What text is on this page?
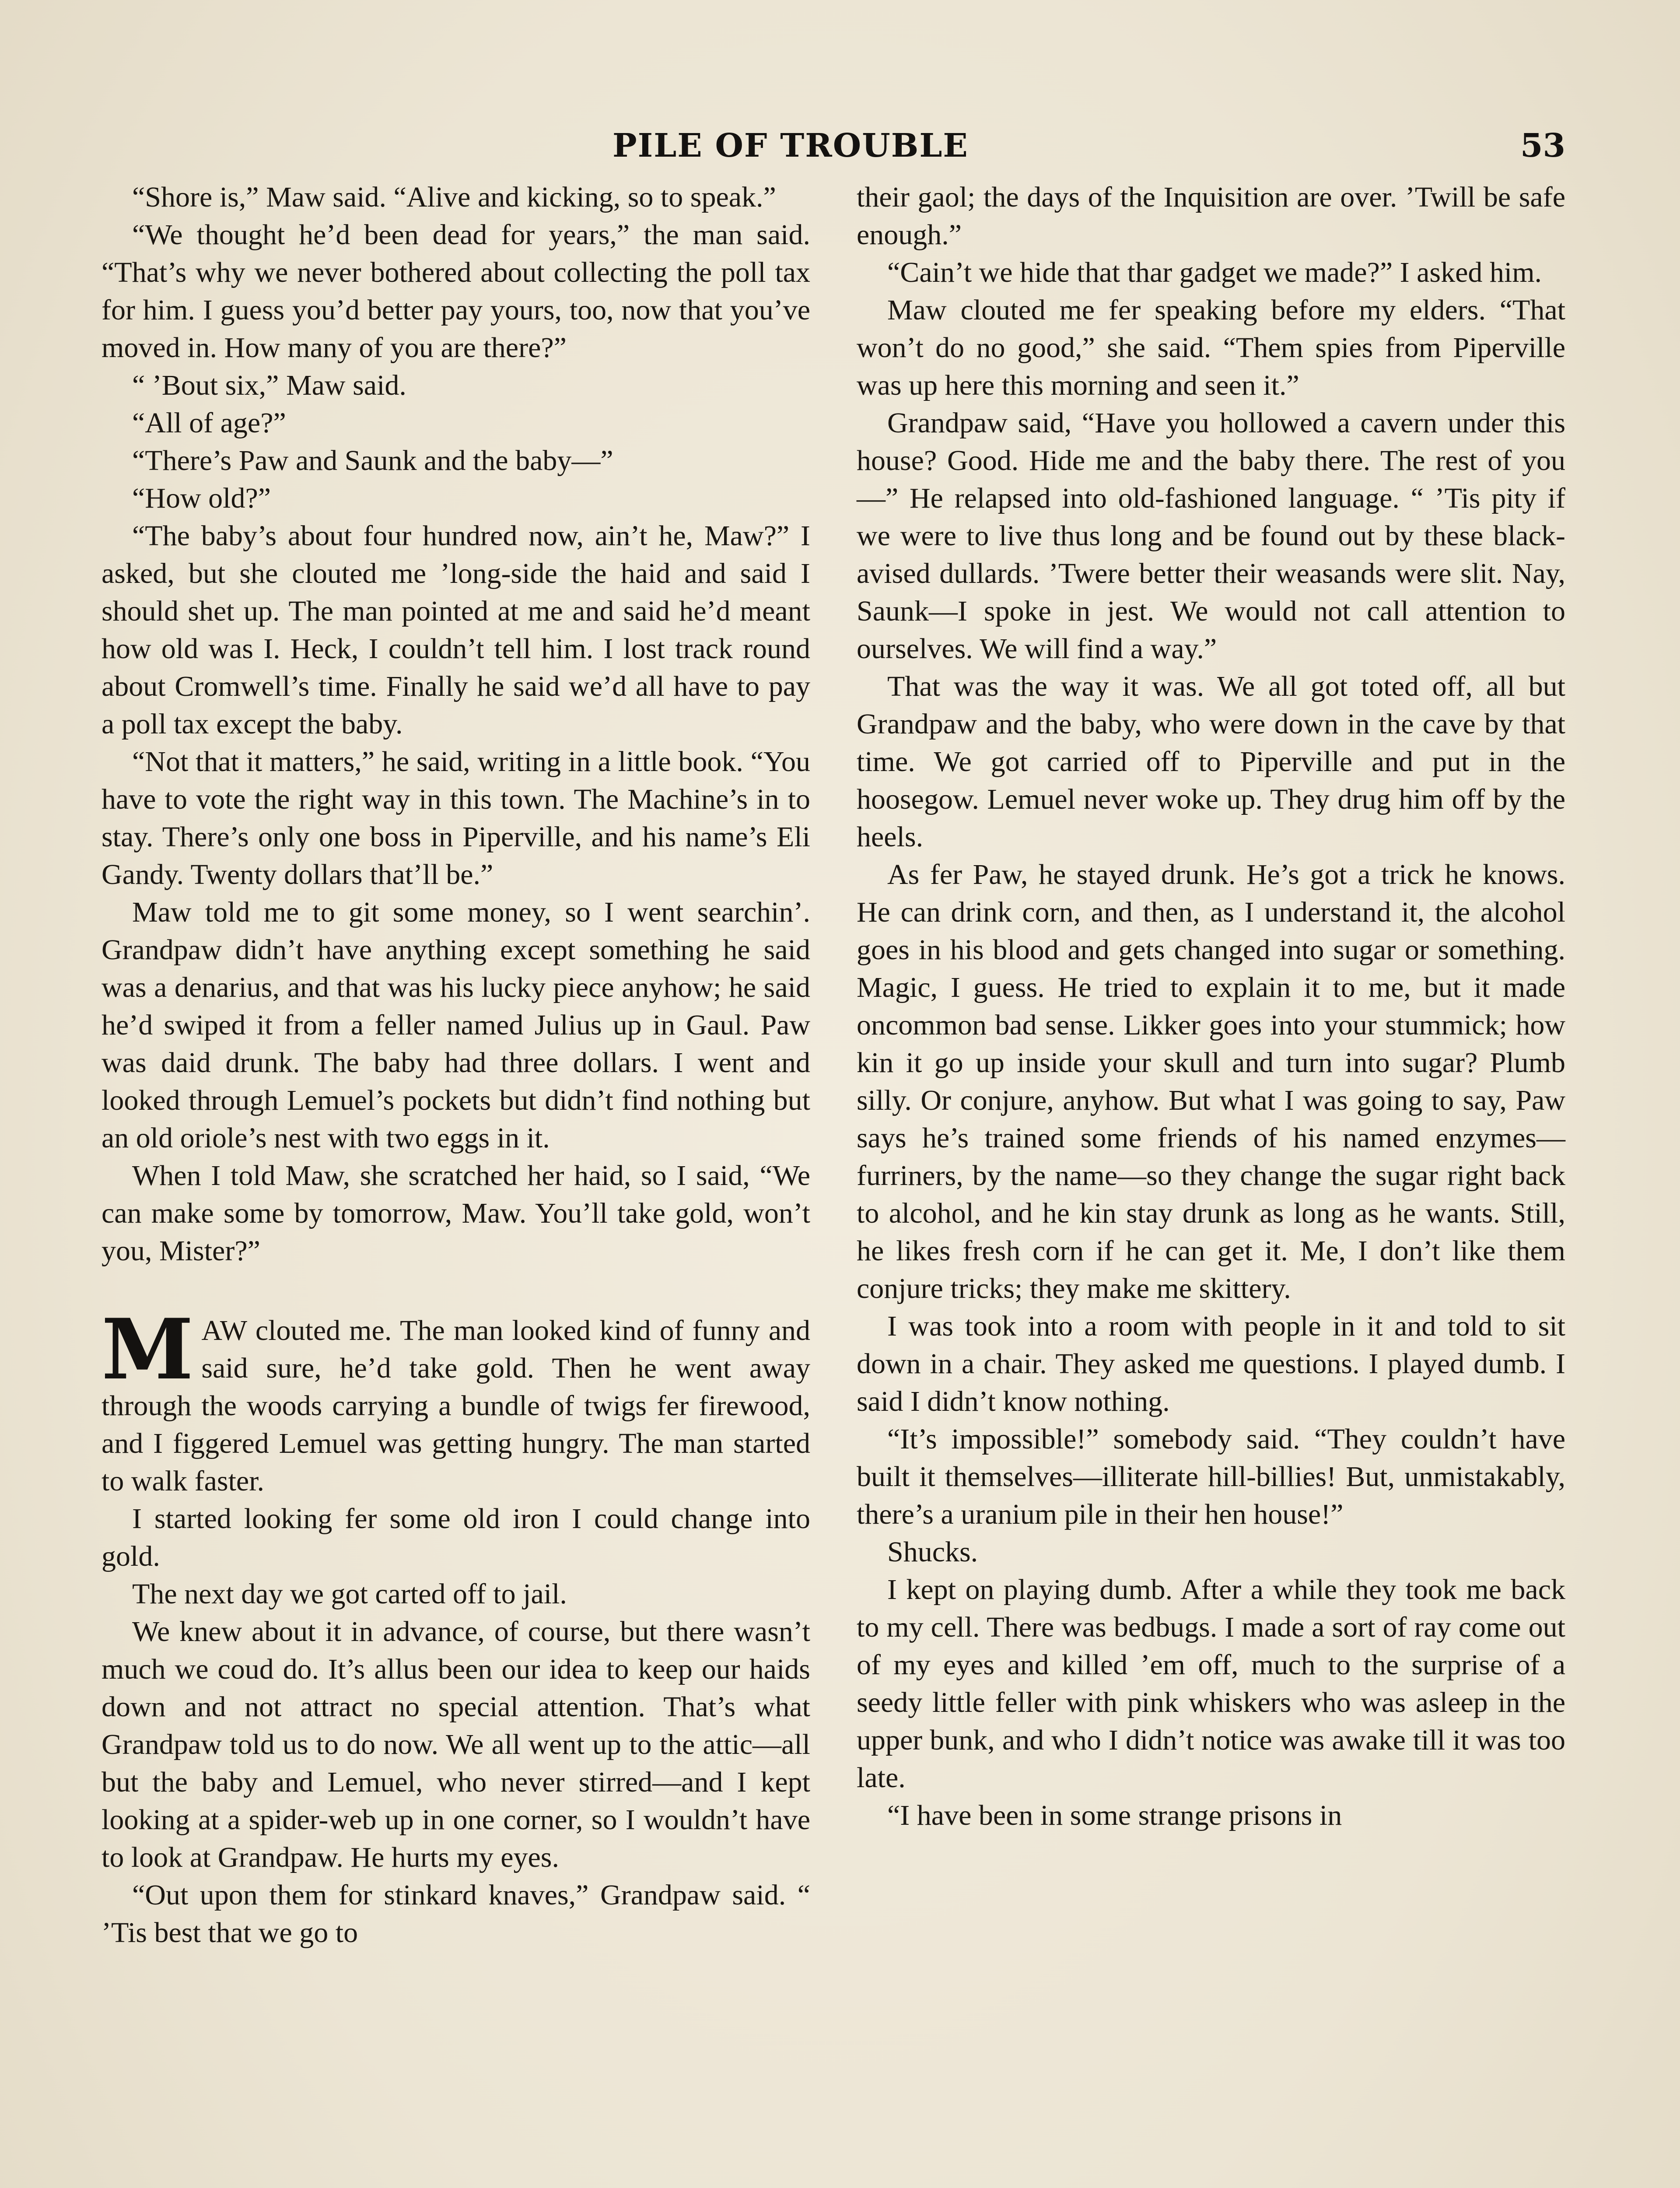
PILE OF TROUBLE	53

“Shore is,” Maw said. “Alive and kicking, so to speak.”

“We thought he’d been dead for years,” the man said. “That’s why we never bothered about collecting the poll tax for him. I guess you’d better pay yours, too, now that you’ve moved in. How many of you are there?”

“ ’Bout six,” Maw said.

“All of age?”

“There’s Paw and Saunk and the baby—”

“How old?”

“The baby’s about four hundred now, ain’t he, Maw?” I asked, but she clouted me ’long-side the haid and said I should shet up. The man pointed at me and said he’d meant how old was I. Heck, I couldn’t tell him. I lost track round about Cromwell’s time. Finally he said we’d all have to pay a poll tax except the baby.

“Not that it matters,” he said, writing in a little book. “You have to vote the right way in this town. The Machine’s in to stay. There’s only one boss in Piperville, and his name’s Eli Gandy. Twenty dollars that’ll be.”

Maw told me to git some money, so I went searchin’. Grandpaw didn’t have anything except something he said was a denarius, and that was his lucky piece anyhow; he said he’d swiped it from a feller named Julius up in Gaul. Paw was daid drunk. The baby had three dollars. I went and looked through Lemuel’s pockets but didn’t find nothing but an old oriole’s nest with two eggs in it.

When I told Maw, she scratched her haid, so I said, “We can make some by tomorrow, Maw. You’ll take gold, won’t you, Mister?”

MAW clouted me. The man looked kind of funny and said sure, he’d take gold. Then he went away through the woods carrying a bundle of twigs fer firewood, and I figgered Lemuel was getting hungry. The man started to walk faster.

I started looking fer some old iron I could change into gold.

The next day we got carted off to jail.

We knew about it in advance, of course, but there wasn’t much we coud do. It’s allus been our idea to keep our haids down and not attract no special attention. That’s what Grandpaw told us to do now. We all went up to the attic—all but the baby and Lemuel, who never stirred—and I kept looking at a spider-web up in one corner, so I wouldn’t have to look at Grandpaw. He hurts my eyes.

“Out upon them for stinkard knaves,” Grandpaw said. “ ’Tis best that we go to

their gaol; the days of the Inquisition are over. ’Twill be safe enough.”

“Cain’t we hide that thar gadget we made?” I asked him.

Maw clouted me fer speaking before my elders. “That won’t do no good,” she said. “Them spies from Piperville was up here this morning and seen it.”

Grandpaw said, “Have you hollowed a cavern under this house? Good. Hide me and the baby there. The rest of you—” He relapsed into old-fashioned language. “ ’Tis pity if we were to live thus long and be found out by these black-avised dullards. ’Twere better their weasands were slit. Nay, Saunk—I spoke in jest. We would not call attention to ourselves. We will find a way.”

That was the way it was. We all got toted off, all but Grandpaw and the baby, who were down in the cave by that time. We got carried off to Piperville and put in the hoosegow. Lemuel never woke up. They drug him off by the heels.

As fer Paw, he stayed drunk. He’s got a trick he knows. He can drink corn, and then, as I understand it, the alcohol goes in his blood and gets changed into sugar or something. Magic, I guess. He tried to explain it to me, but it made oncommon bad sense. Likker goes into your stummick; how kin it go up inside your skull and turn into sugar? Plumb silly. Or conjure, anyhow. But what I was going to say, Paw says he’s trained some friends of his named enzymes—furriners, by the name—so they change the sugar right back to alcohol, and he kin stay drunk as long as he wants. Still, he likes fresh corn if he can get it. Me, I don’t like them conjure tricks; they make me skittery.

I was took into a room with people in it and told to sit down in a chair. They asked me questions. I played dumb. I said I didn’t know nothing.

“It’s impossible!” somebody said. “They couldn’t have built it themselves—illiterate hill-billies! But, unmistakably, there’s a uranium pile in their hen house!”

Shucks.

I kept on playing dumb. After a while they took me back to my cell. There was bedbugs. I made a sort of ray come out of my eyes and killed ’em off, much to the surprise of a seedy little feller with pink whiskers who was asleep in the upper bunk, and who I didn’t notice was awake till it was too late.

“I have been in some strange prisons in
